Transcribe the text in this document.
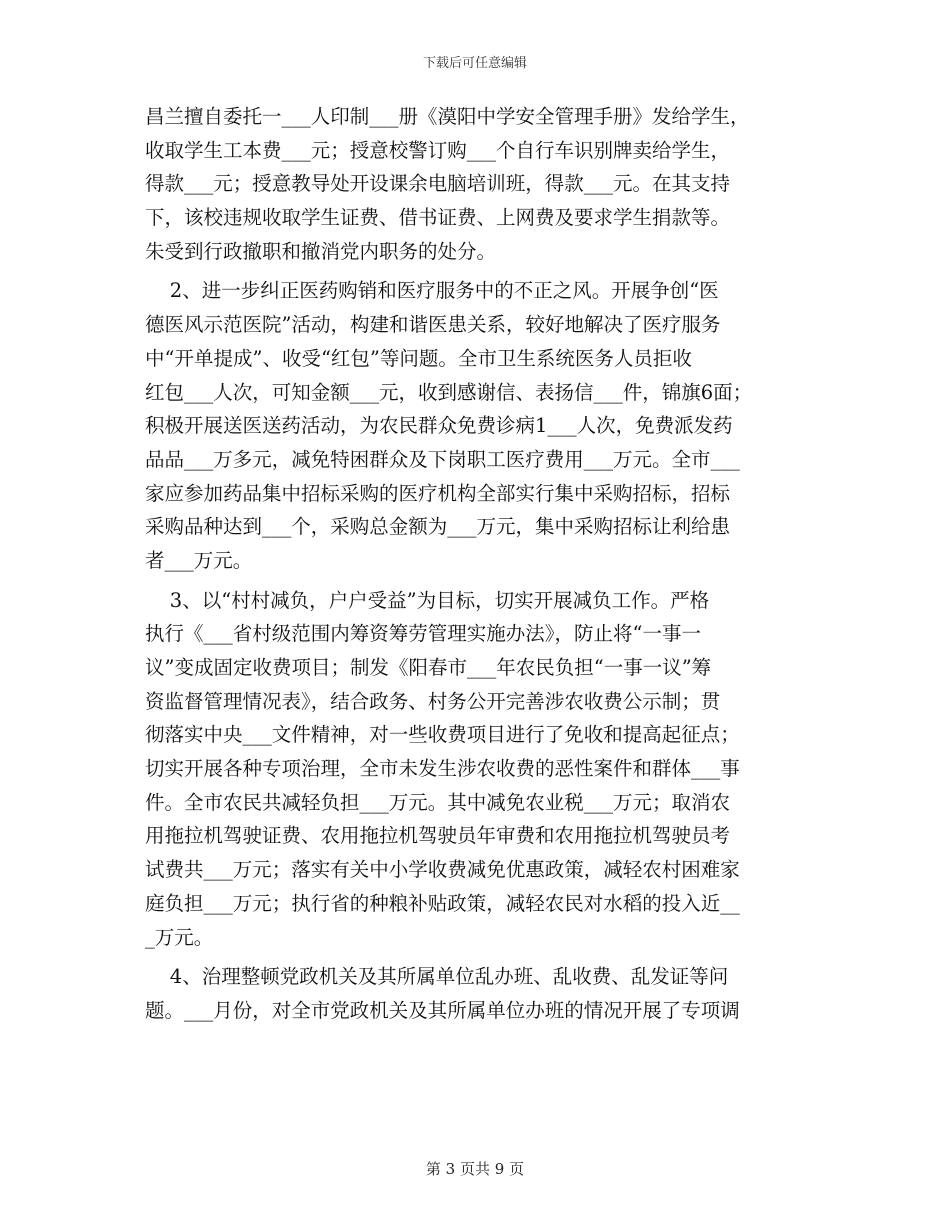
下载后可任意编辑
昌兰擅自委托一___人印制___册《漠阳中学安全管理手册》发给学生，
收取学生工本费___元；授意校警订购___个自行车识别牌卖给学生，
得款___元；授意教导处开设课余电脑培训班，得款___元。在其支持
下，该校违规收取学生证费、借书证费、上网费及要求学生捐款等。
朱受到行政撤职和撤消党内职务的处分。
2、进一步纠正医药购销和医疗服务中的不正之风。开展争创“医
德医风示范医院”活动，构建和谐医患关系，较好地解决了医疗服务
中“开单提成”、收受“红包”等问题。全市卫生系统医务人员拒收
红包___人次，可知金额___元，收到感谢信、表扬信___件，锦旗6面；
积极开展送医送药活动，为农民群众免费诊病1___人次，免费派发药
品品___万多元，减免特困群众及下岗职工医疗费用___万元。全市___
家应参加药品集中招标采购的医疗机构全部实行集中采购招标，招标
采购品种达到___个，采购总金额为___万元，集中采购招标让利给患
者___万元。
3、以“村村减负，户户受益”为目标，切实开展减负工作。严格
执行《___省村级范围内筹资筹劳管理实施办法》，防止将“一事一
议”变成固定收费项目；制发《阳春市___年农民负担“一事一议”筹
资监督管理情况表》，结合政务、村务公开完善涉农收费公示制；贯
彻落实中央___文件精神，对一些收费项目进行了免收和提高起征点；
切实开展各种专项治理，全市未发生涉农收费的恶性案件和群体___事
件。全市农民共减轻负担___万元。其中减免农业税___万元；取消农
用拖拉机驾驶证费、农用拖拉机驾驶员年审费和农用拖拉机驾驶员考
试费共___万元；落实有关中小学收费减免优惠政策，减轻农村困难家
庭负担___万元；执行省的种粮补贴政策，减轻农民对水稻的投入近__
_万元。
4、治理整顿党政机关及其所属单位乱办班、乱收费、乱发证等问
题。___月份，对全市党政机关及其所属单位办班的情况开展了专项调
第 3 页共 9 页
